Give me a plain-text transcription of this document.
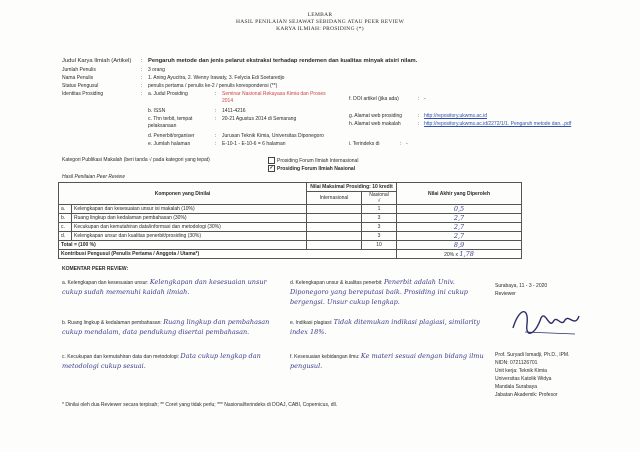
LEMBAR
HASIL PENILAIAN SEJAWAT SEBIDANG ATAU PEER REVIEW
KARYA ILMIAH: PROSIDING (*)
Judul Karya Ilmiah (Artikel) : Pengaruh metode dan jenis pelarut ekstraksi terhadap rendemen dan kualitas minyak atsiri nilam.
Jumlah Penulis	: 3 orang
Nama Penulis	: 1. Aning Ayucitra, 2. Wenny Irawaty, 3. Felycia Edi Soetaredjo
Status Pengusul	: penulis pertama / penulis ke-2 / penulis korespondensi (**)
Identitas Prosiding	: a. Judul Prosiding	: Seminar Nasional Rekayasa Kimia dan Proses 2014
b. ISSN	: 1411-4216
c. Thn terbit, tempat pelaksanaan
: 20-21 Agustus 2014 di Semarang
d. Penerbit/organiser	: Jurusan Teknik Kimia, Universitas Diponegoro
e. Jumlah halaman	: E-10-1 - E-10-6 = 6 halaman
f. DOI artikel (jika ada)	: -
g. Alamat web prosiding	: http://repository.ukwms.ac.id
h. Alamat web makalah	: http://repository.ukwms.ac.id/2272/1/1. Pengaruh metode dan...pdf
i. Terindeks di	: -
Kategori Publikasi Makalah (beri tanda √ pada kategori yang tepat)	Prosiding Forum Ilmiah Internasional
✓ Prosiding Forum Ilmiah Nasional
Hasil Penilaian Peer Review
Komponen yang Dinilai		Nilai Maksimal Prosiding: 10 kredit		Nilai Akhir yang Diperoleh
		Internasional	Nasional
√	
a.	Kelengkapan dan kesesuaian unsur isi makalah (10%)		1	0,5
b.	Ruang lingkup dan kedalaman pembahasan (30%)		3	2,7
c.	Kecukupan dan kemutahiran data/informasi dan metodologi (30%)		3	2,7
d.	Kelengkapan unsur dan kualitas penerbit/prosiding (30%)		3	2,7
Total = (100 %)			10	8,9
Kontribusi Pengusul (Penulis Pertama / Anggota / Utama*)				20% x 1,78
KOMENTAR PEER REVIEW:
a. Kelengkapan dan kesesuaian unsur: Kelengkapan dan kesesuaian unsur cukup sudah memenuhi kaidah ilmiah.
b. Ruang lingkup & kedalaman pembahasan: Ruang lingkup dan pembahasan cukup mendalam, data pendukung disertai pembahasan.
c. Kecukupan dan kemutahiran data dan metodologi: Data cukup lengkap dan metodologi cukup sesuai.
d. Kelengkapan unsur & kualitas penerbit: Penerbit adalah Univ. Diponegoro yang bereputasi baik. Prosiding ini cukup bergengsi. Unsur cukup lengkap.
e. Indikasi plagiasi: Tidak ditemukan indikasi plagiasi, similarity index 18%.
f. Kesesuaian kebidangan ilmu: Ke materi sesuai dengan bidang ilmu pengusul.
Surabaya, 11 - 3 - 2020
Reviewer
Prof. Suryadi Ismadji, Ph.D., IPM.
NIDN: 0721126701
Unit kerja: Teknik Kimia
Universitas Katolik Widya
Mandala Surabaya
Jabatan Akademik: Profesor
* Dinilai oleh dua Reviewer secara terpisah; ** Coret yang tidak perlu; *** Nasional/terindeks di DOAJ, CABI, Copernicus, dll.
